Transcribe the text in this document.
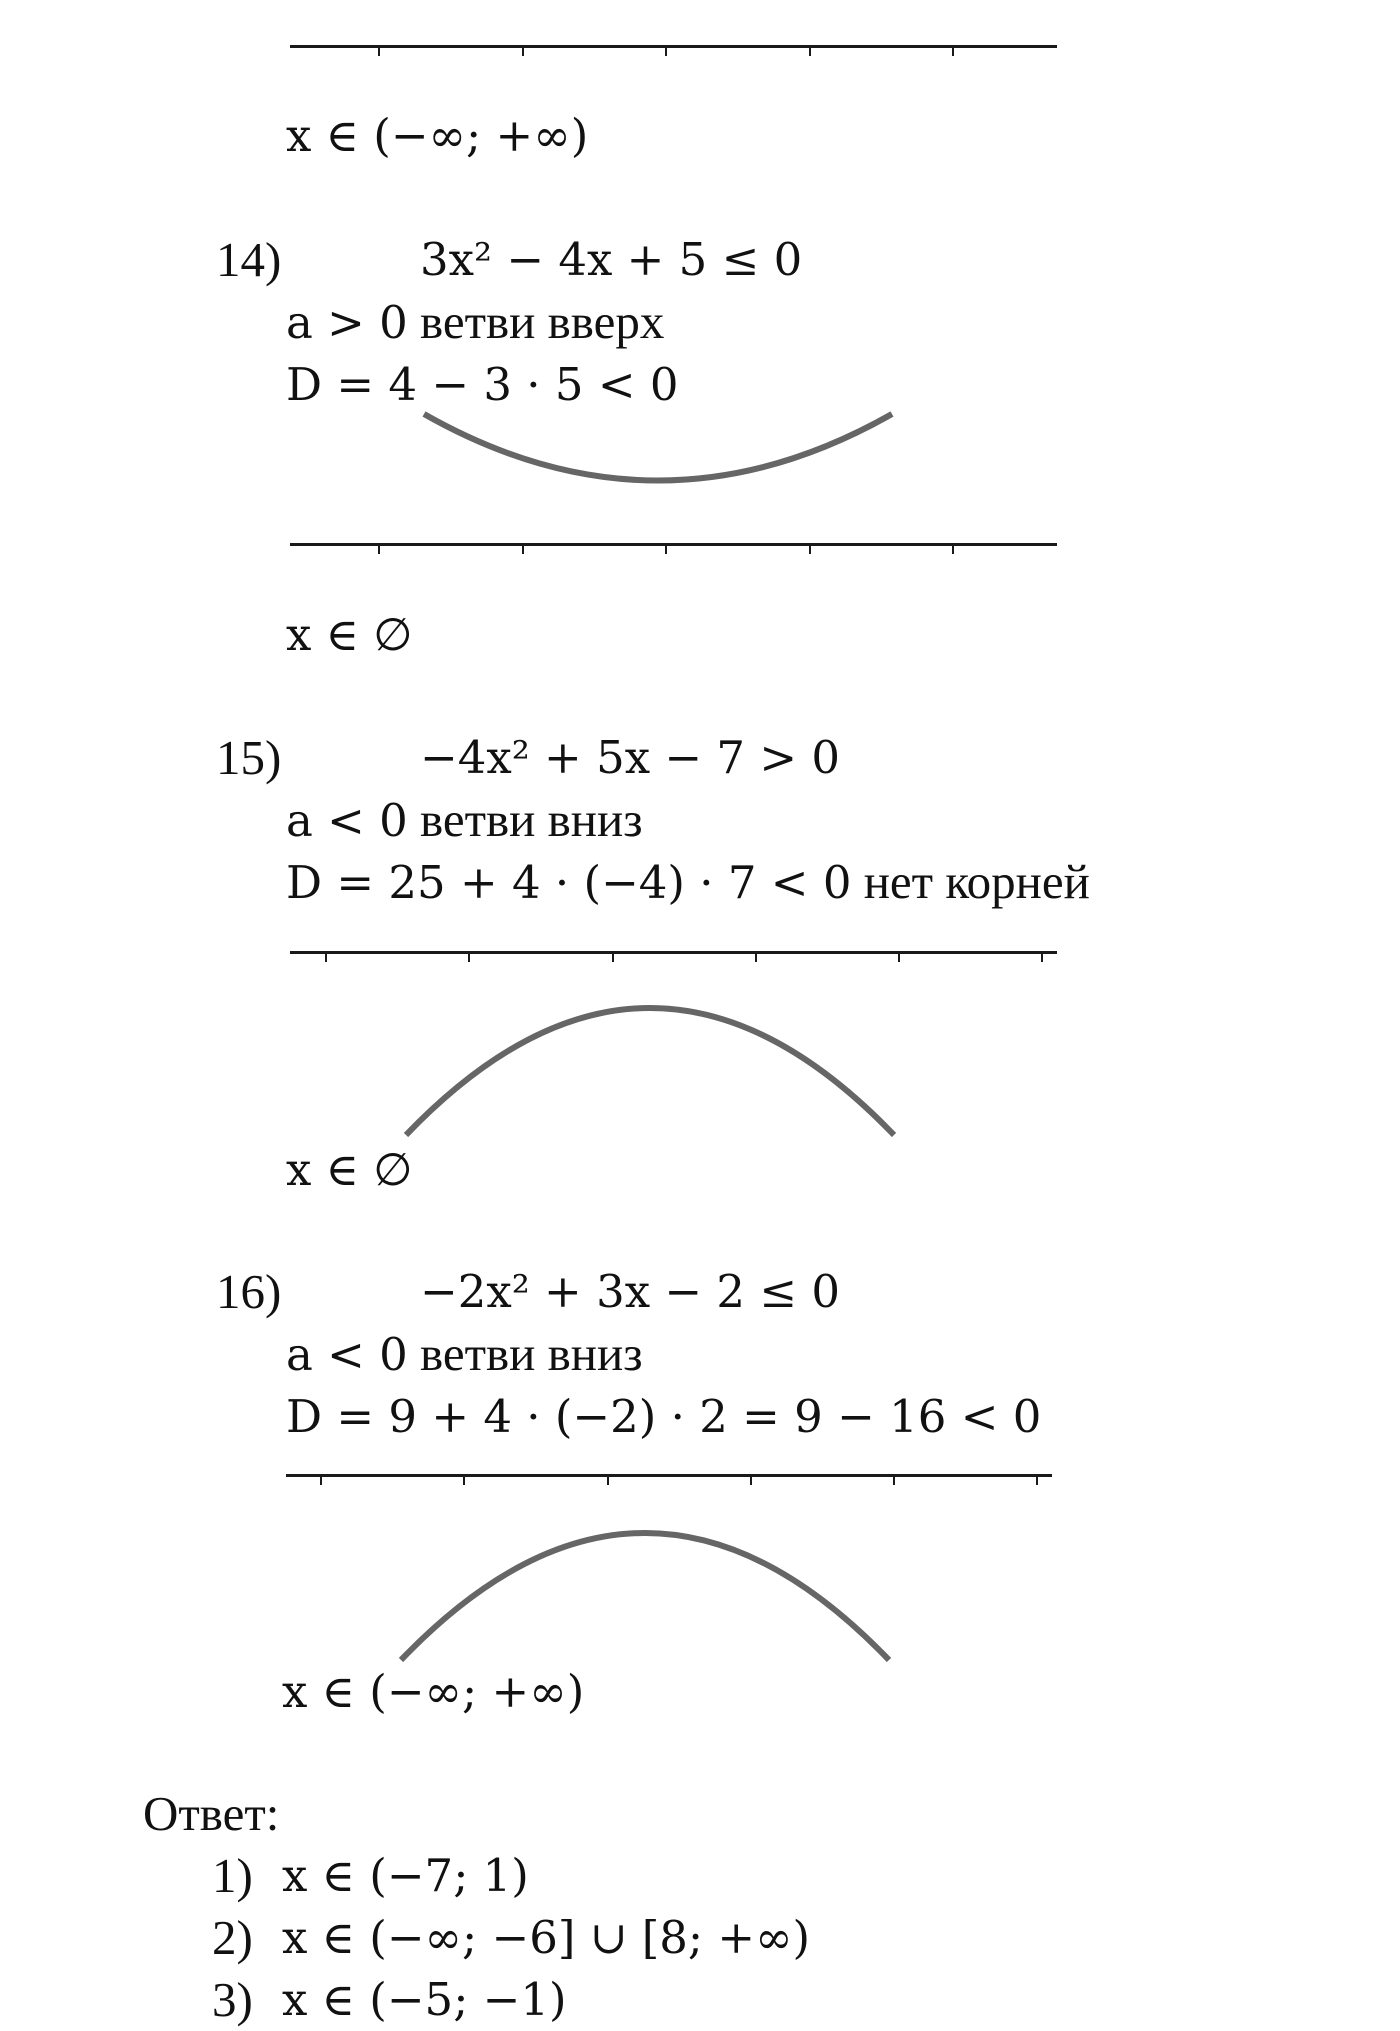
x ∈ (−∞; +∞)
14)	3x² − 4x + 5 ≤ 0
a > 0 ветви вверх
D = 4 − 3 · 5 < 0
x ∈ ∅
15)	−4x² + 5x − 7 > 0
a < 0 ветви вниз
D = 25 + 4 · (−4) · 7 < 0 нет корней
x ∈ ∅
16)	−2x² + 3x − 2 ≤ 0
a < 0 ветви вниз
D = 9 + 4 · (−2) · 2 = 9 − 16 < 0
x ∈ (−∞; +∞)
Ответ:
1) x ∈ (−7; 1)
2) x ∈ (−∞; −6] ∪ [8; +∞)
3) x ∈ (−5; −1)
